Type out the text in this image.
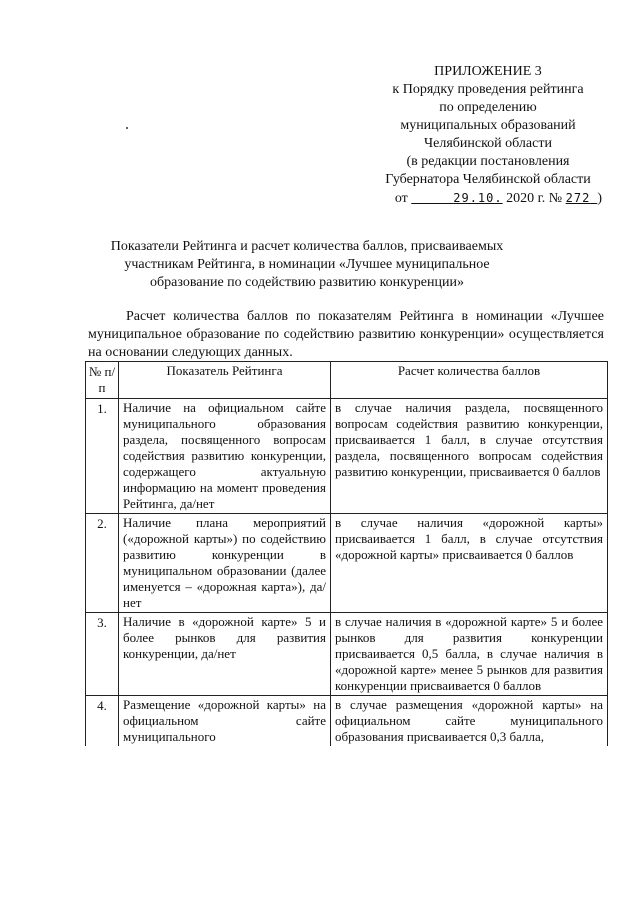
ПРИЛОЖЕНИЕ 3
к Порядку проведения рейтинга
по определению
муниципальных образований
Челябинской области
(в редакции постановления
Губернатора Челябинской области
от	29.10. 2020 г. № 272 )
Показатели Рейтинга и расчет количества баллов, присваиваемых участникам Рейтинга, в номинации «Лучшее муниципальное образование по содействию развитию конкуренции»
Расчет количества баллов по показателям Рейтинга в номинации «Лучшее муниципальное образование по содействию развитию конкуренции» осуществляется на основании следующих данных.
№ п/п	Показатель Рейтинга	Расчет количества баллов
1.	Наличие на официальном сайте муниципального образования раздела, посвященного вопросам содействия развитию конкуренции, содержащего актуальную информацию на момент проведения Рейтинга, да/нет	в случае наличия раздела, посвященного вопросам содействия развитию конкуренции, присваивается 1 балл, в случае отсутствия раздела, посвященного вопросам содействия развитию конкуренции, присваивается 0 баллов
2.	Наличие плана мероприятий («дорожной карты») по содействию развитию конкуренции в муниципальном образовании (далее именуется – «дорожная карта»), да/нет	в случае наличия «дорожной карты» присваивается 1 балл, в случае отсутствия «дорожной карты» присваивается 0 баллов
3.	Наличие в «дорожной карте» 5 и более рынков для развития конкуренции, да/нет	в случае наличия в «дорожной карте» 5 и более рынков для развития конкуренции присваивается 0,5 балла, в случае наличия в «дорожной карте» менее 5 рынков для развития конкуренции присваивается 0 баллов
4.	Размещение «дорожной карты» на официальном сайте муниципального	в случае размещения «дорожной карты» на официальном сайте муниципального образования присваивается 0,3 балла,
